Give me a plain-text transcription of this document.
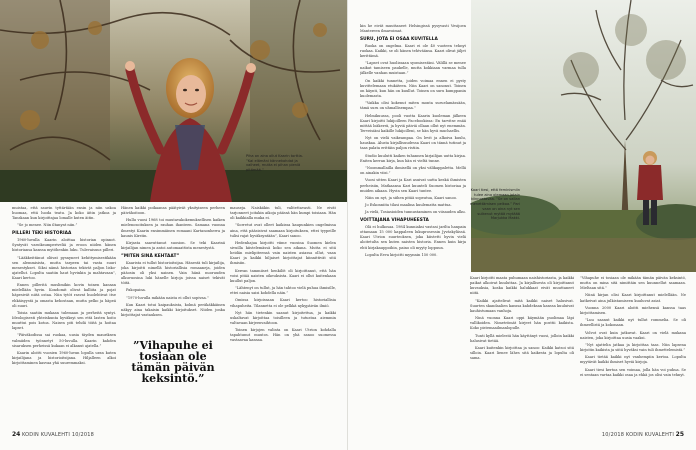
Piha on aina ollut Kaarin torttia. ”Kai elämäni kännekohdat ja vaiheet, mutta ei pihan pieniä pitämää.”

muistaa, että sauvin tyttärtään ensin ja niin uskoa huomaa, että luoda teatu. Ja koko äitin jatkoa ja Tanskaan kun kirjoittajaa lomalle kuten äitin.

”Se jo menee. Niin iltanynt niin.”

PILLERI TEKI HISTORIAA

1960-luvulla Kaarin aloittaa historian opinnot. Syntyvät varoiksumperiveliä ja eroon niiden hänen historiansa kanssa mytöhenkin luku. Tulevaisuus pilleri.

”Lääkkeittänut oliivat pysnyneet kehittymisestikään sen alemmisista, mutta tarpeen tai vasta suuri menestykset. Siksi nämä historian tekivät paljon lisko-ajatellut. Lopulta saatiin haut hyvinkin ja mahtavaan”, Kaari kertoo.

Ennen pilleritä muslimikin kovin toinen kansan mielellään hyvin. Kondomit olivat kalliita ja pojat häpesivät niitä ostaa. Niin tytöt rasvat huolehtivat itse ehkäisyystä ja omasta kehostaan, mutta pelko ja häpeä oli suuri.

Toisia saatiin mukaan tulemaan ja perheitä syntyi. Ideologisesti yhteiskunta hyväksyi sen että lasten hoito muuttui pois kotoa. Naisen piti tehdä töitä ja hoitaa lapset.

”Päiväkodissa sai ruokaa, uusia täyden mauriksen valmiiden työnnetyt 50-luvulla. Kaarin kahden sisaruksen perheissä kukaan ei alkanut ajatella.”

Kaarin aloitti vuosien 1960-luvun lopulla uran kuten kirjailijana ja historioitsijana. Hiljalleen alkoi kirjoittaminen kasvaa yhä suuremmaksi.

Hänen kaikki poikaansa päätyivät yksityiseen perheen päivähoitoon.

Hullu vuosi 1968 toi muutavakokemuksellisen kaiken mielenosoituksen ja rauhan ihanteen. Samana vuonna ilmestyi Kaarin ensimmäinen romaani Kartanonherra ja kaunis Kirstin.

Kirjasta saavuttanut suosion. Se teki Kaarinä kirjailijan nimen ja antoi automaattista menestystä.

”MITEN SINÄ KEHTAAT”

Kaarista ei tullut historioitsijaa. Hänestä tuli kirjailija, joka kirjoitti nimellä historiallisia romaaneja, joiden pääosin oli yksi nainen. Vain hänä nuoruuden alkuvuosina luki hänelle kirjoja joissa naiset tekivät töitä.

Pakopaina.

”1970-luvulla mikään naista ei ollut sopivaa.”

Kun Kaari totui kaipauksista, kolmä peräkäkkäinen näkyy aina takaisin kaikki kirjoitukset. Niiden jonka kirjoittajat vastauksen.

”Vihapuhe ei tosiaan ole tämän päivän keksintö.”

mauseja. Naiskäkin tuli, valitettavasti. Ne eivät tarjonneet joitakin aikoja päässä hän kumpi toisiaan. Hän oli kaikkialla muka ei.

”Sorretut ovat olleet kaikissa kaupunkien ongelmissa aina, että pääsisivat saamaan kirjoituksen, ettei tyypeille tulisi rajat hyväksyntään”, Kaari sanoo.

Hedenhajua kirjoitti viime vuosina Suomen kielen sivuilla kiistelemässä koko sen aikana. Mutta ei sitä heidän mielipiteensä vain naisten asiassa ollut, vaan Kaari ja kaikki hiljaiset kirjoittajat kiinnittivät sitä ihmisiin.

Kerran tammiiset henkilöt oli kirjoittanut, että hän voisi pitää naisten oikeuksista. Kaari ei ollut kuitenkaan kuullut paljon.

”Lähtenyt on tullut, ja hän tahtoo vielä puhua ihmisille, ettei naisia saisi kohdella näin.”

Omissa kirjoissaan Kaari kertoo historiallisia vihapuheita. Tilannetta ei ole pelkkä nykypäivän ilmiö.

Nyt hän tietenkin saanut kirjoitettua, ja kaikki uskaltavat kirjoittaa toisilleen ja tutustua aiemmin valtavaan kirjeenvaihtoon.

Toinen kirjojen valinta on Kaari Utrion kohdalla tapahtunut muutos. Hän on yhä sanoo suomessa vastaavaa kansaa.

24 KODIN KUVALEHTI 10/2018

kin he eivät muuttaneet Helsingissä pysyvasti Vesijoen Mantereen ilmavoimat.

SURU, JOTA EI OSAA KUVITELLA

Ruoka on ongelma. Kaari ei ole 40 vuoteen tehnyt ruokaa. Kaikki, se oli hänen tehtväänsa. Kaari olivat jäljet kerittämä.

”Lapset ovat huolissaan syomisestäni. Välillä se menee naikut tamiseen paukelle, mutta kokkiaan varmaa tulla jälkelle vanhan muistaan.”

On kaikki tunnetta, joiden voimaa ennen ei pysty kuvittelemaan etukäteen. Niin Kaari on sanonut. Toinen on käynti, kun hän on kuullut. Toinen on suru kumppanin kuolemasta.

”Vaikka olisi kokenut miten monta suruelamässään, tämä suru on uhmallisempaa.”

Helmikuussa, pooli vuotta Kaarin kuoleman jälkeen Kaari kirjoitti lukijoilleen Facebookissa: En tarvitse enää mittää loäkerrä, ja hyviä päiviä ollaan ollut nyt enemmän. Terveisiäni kaikille lukijoilleni, se hän hyvä muchaellis.

Nyt on vielä vaikeampaa. On levit ja alkoiva kuulu, hauskaa. Alusta kirjallisuudessa Kaari on tännä tutinut ja taas palata erittäin paljon ristiin.

Studio kuulutti kaiken tuhannen kirjailijan uutta kirjaa. Eniten kerran kirja, kun hän ei vieltä tunne.

”Noommallailla ihmisellä on yksi välikappaletta. Mellä on ainakin viisi.”

Vuosi sitten Kaari ja Kari asuivat uutta keskä ihmisten perheisiin, Matkaansa Kari kuunteli Suomen historiaa ja muiden aikaan. Hyvin sen Kaari tuntee.

Näin on nyt, ja siihen pitää sopeutua, Kaari sanoo.

Jo Eskonniita tilasi maalina kuulematta mattua.

Ja vielä, Tosiasioiden tunnustaminen on viisauden alku.

VOITTAJANA VIHAPUHEESTA

Olä ei hulkosaa. 1984 kunniaksi vastasi jarilta hanpain ottamaan 15 000 kappaleen lukuprosessin Jyväskylässä. Kaari Utrion suurteoksen, joka kiistetti hyvin vielä aloitetulta sen kuten naisten historia. Ennen kuin kirja ehti kirjakauppoihin, paino oli myyty loppuun.

Lopulta Eeva kirjoitti myynnin 150 000.

Kaari tiesi, että feminismiin tulee aina olemaan jotain kiinnostavaa. ”Se on vallan menettämisen pelkoa.” Pari vaan on aina nyt sen sulkenut mytää mytäää Marjukka Makki.

Kaari kirjoitti maata puhumaan naishistoriasta, ja kaikki paikat alkoivat kuuluttaa. Ja kirjallisesta oli kirjoittanut kuvauksia, koska kaikki halukkaat eivät muuttaneet niitä.

”Kaikki ajattelivat mitä kaikki naiset halusivat. Suurten skandaalien kanssa kahdeksan kanssa kuuluivat kauhistumaan vanhoja.

Ninä vuonna Kaari oppi käymään puolimaa läpi vallikoiden. Nimetrömät kirjeet hän posttii kaikista. Koko pistemaailmanlopulle.

Tunti kyllä mielestä hän käyttänyt vuosi, jolloin kaikki halusivat tietää.

Kaari kuitenkin kirjoittaa ja sanoo: Kaikki katsoi sitä silloin. Kaari lienee lähes sitä kaikesta ja lopulta oli sama.

”Vihapuhe ei tosiaan ole mikään tämän päivän keksintö, mutta on mina sitä nimittäin sen kuunnellut saamaan. Mieltaan sitä.”

Niinä kirjan olisi Kaari kirjoittanut mielellään. Ne katkeivat aina julkistamiseen kuuluvat asiat.

Vuonna 2000 Kaari aloitti miehensä kanssa taas kirjoittamisen.

”Luu saanut kaikki nyt tullut rommelia. Se oli ihmeellistä ja kokonaan.

Volvot ovat kuin jatkuvat. Kaari on vielä mukana naisten, joka kirjoittaa uusia vaaksi.

”Nyt ajattelin jatkaa ja kirjoittaa taas. Niin lapsena kirjoitin kaikista ja siitä hyväksi vain tuli ihmettelemistä.”

Kaari tietää kaikki nyt vanhempiin kertoa. Lopulta myytävät kaikki ihmiset hyviä kirjoja.

Kaari tiesi kertoa sen voimaa, jolla hän voi puhua. Se ei sentaan vartaa kaikki osaa ja ehkä jos olisi vain tehnyt.

10/2018 KODIN KUVALEHTI 25
